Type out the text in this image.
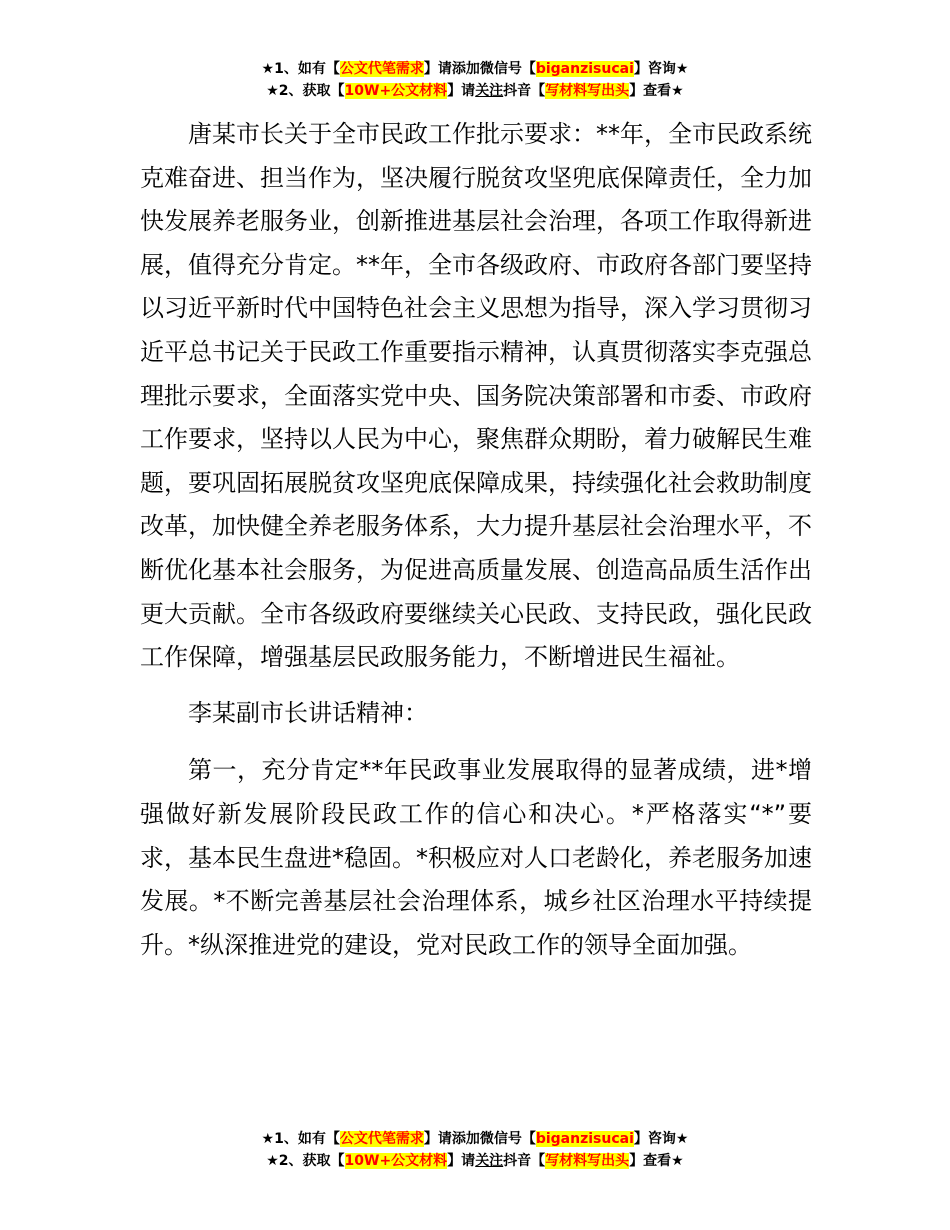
★1、如有【公文代笔需求】请添加微信号【biganzisucai】咨询★
★2、获取【10W+公文材料】请关注抖音【写材料写出头】查看★

唐某市长关于全市民政工作批示要求：**年，全市民政系统克难奋进、担当作为，坚决履行脱贫攻坚兜底保障责任，全力加快发展养老服务业，创新推进基层社会治理，各项工作取得新进展，值得充分肯定。**年，全市各级政府、市政府各部门要坚持以习近平新时代中国特色社会主义思想为指导，深入学习贯彻习近平总书记关于民政工作重要指示精神，认真贯彻落实李克强总理批示要求，全面落实党中央、国务院决策部署和市委、市政府工作要求，坚持以人民为中心，聚焦群众期盼，着力破解民生难题，要巩固拓展脱贫攻坚兜底保障成果，持续强化社会救助制度改革，加快健全养老服务体系，大力提升基层社会治理水平，不断优化基本社会服务，为促进高质量发展、创造高品质生活作出更大贡献。全市各级政府要继续关心民政、支持民政，强化民政工作保障，增强基层民政服务能力，不断增进民生福祉。

李某副市长讲话精神：

第一，充分肯定**年民政事业发展取得的显著成绩，进*增强做好新发展阶段民政工作的信心和决心。*严格落实“*”要求，基本民生盘进*稳固。*积极应对人口老龄化，养老服务加速发展。*不断完善基层社会治理体系，城乡社区治理水平持续提升。*纵深推进党的建设，党对民政工作的领导全面加强。

★1、如有【公文代笔需求】请添加微信号【biganzisucai】咨询★
★2、获取【10W+公文材料】请关注抖音【写材料写出头】查看★
